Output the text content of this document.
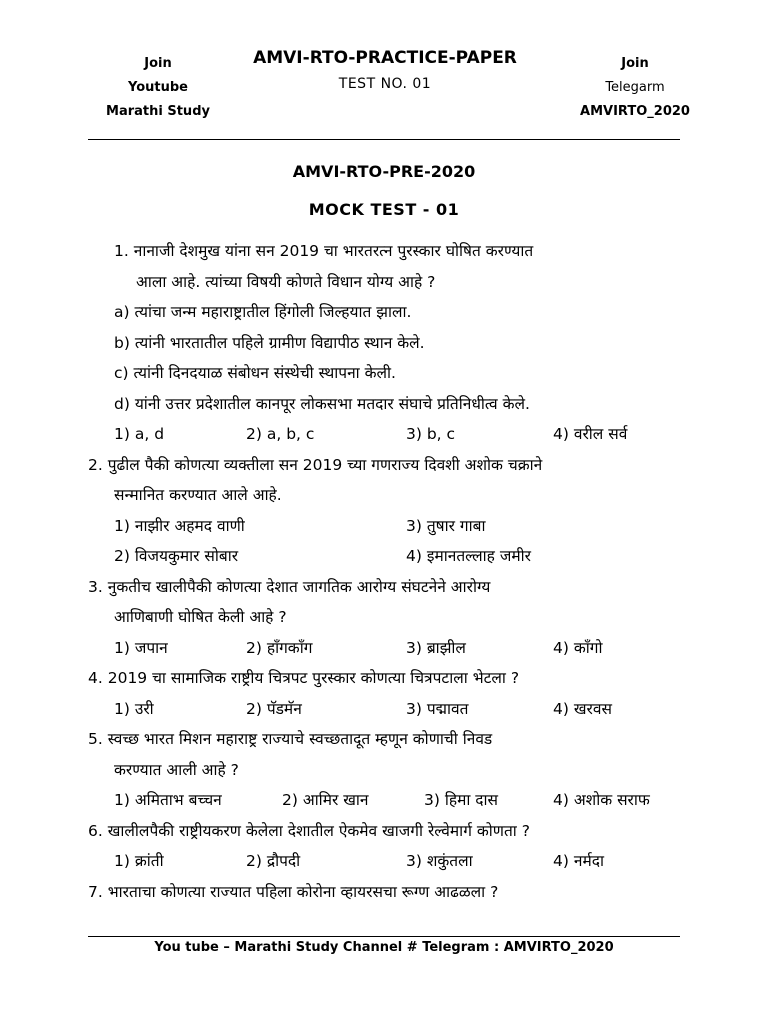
Join
Youtube
Marathi Study
AMVI-RTO-PRACTICE-PAPER
TEST NO. 01
Join
Telegarm
AMVIRTO_2020
AMVI-RTO-PRE-2020
MOCK TEST - 01
1. नानाजी देशमुख यांना सन 2019 चा भारतरत्न पुरस्कार घोषित करण्यात
आला आहे. त्यांच्या विषयी कोणते विधान योग्य आहे ?
a) त्यांचा जन्म महाराष्ट्रातील हिंगोली जिल्हयात झाला.
b) त्यांनी भारतातील पहिले ग्रामीण विद्यापीठ स्थान केले.
c) त्यांनी दिनदयाळ संबोधन संस्थेची स्थापना केली.
d) यांनी उत्तर प्रदेशातील कानपूर लोकसभा मतदार संघाचे प्रतिनिधीत्व केले.
1) a, d	2) a, b, c	3) b, c	4) वरील सर्व
2. पुढील पैकी कोणत्या व्यक्तीला सन 2019 च्या गणराज्य दिवशी अशोक चक्राने
सन्मानित करण्यात आले आहे.
1) नाझीर अहमद वाणी	3) तुषार गाबा
2) विजयकुमार सोबार	4) इमानतल्लाह जमीर
3. नुकतीच खालीपैकी कोणत्या देशात जागतिक आरोग्य संघटनेने आरोग्य
आणिबाणी घोषित केली आहे ?
1) जपान	2) हाँगकाँग	3) ब्राझील	4) काँगो
4. 2019 चा सामाजिक राष्ट्रीय चित्रपट पुरस्कार कोणत्या चित्रपटाला भेटला ?
1) उरी	2) पॅडमॅन	3) पद्मावत	4) खरवस
5. स्वच्छ भारत मिशन महाराष्ट्र राज्याचे स्वच्छतादूत म्हणून कोणाची निवड
करण्यात आली आहे ?
1) अमिताभ बच्चन	2) आमिर खान	3) हिमा दास	4) अशोक सराफ
6. खालीलपैकी राष्ट्रीयकरण केलेला देशातील ऐकमेव खाजगी रेल्वेमार्ग कोणता ?
1) क्रांती	2) द्रौपदी	3) शकुंतला	4) नर्मदा
7. भारताचा कोणत्या राज्यात पहिला कोरोना व्हायरसचा रूग्ण आढळला ?
You tube – Marathi Study Channel # Telegram : AMVIRTO_2020
